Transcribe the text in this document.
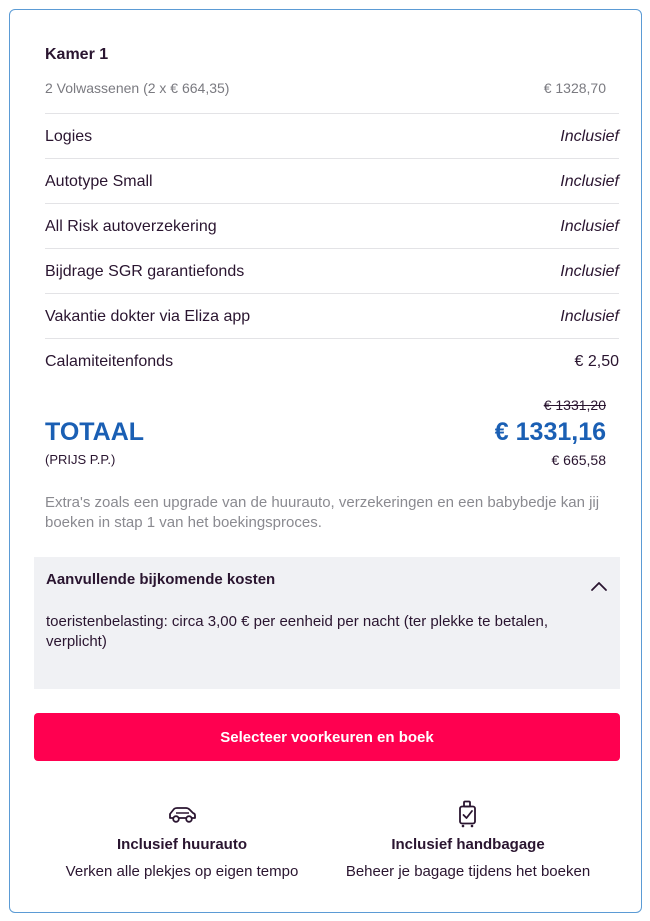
Kamer 1
2 Volwassenen (2 x € 664,35)	€ 1328,70
Logies	Inclusief
Autotype Small	Inclusief
All Risk autoverzekering	Inclusief
Bijdrage SGR garantiefonds	Inclusief
Vakantie dokter via Eliza app	Inclusief
Calamiteitenfonds	€ 2,50
€ 1331,20
TOTAAL	€ 1331,16
(PRIJS P.P.)	€ 665,58
Extra's zoals een upgrade van de huurauto, verzekeringen en een babybedje kan jij boeken in stap 1 van het boekingsproces.
Aanvullende bijkomende kosten
toeristenbelasting: circa 3,00 € per eenheid per nacht (ter plekke te betalen, verplicht)
Selecteer voorkeuren en boek
Inclusief huurauto
Verken alle plekjes op eigen tempo
Inclusief handbagage
Beheer je bagage tijdens het boeken
